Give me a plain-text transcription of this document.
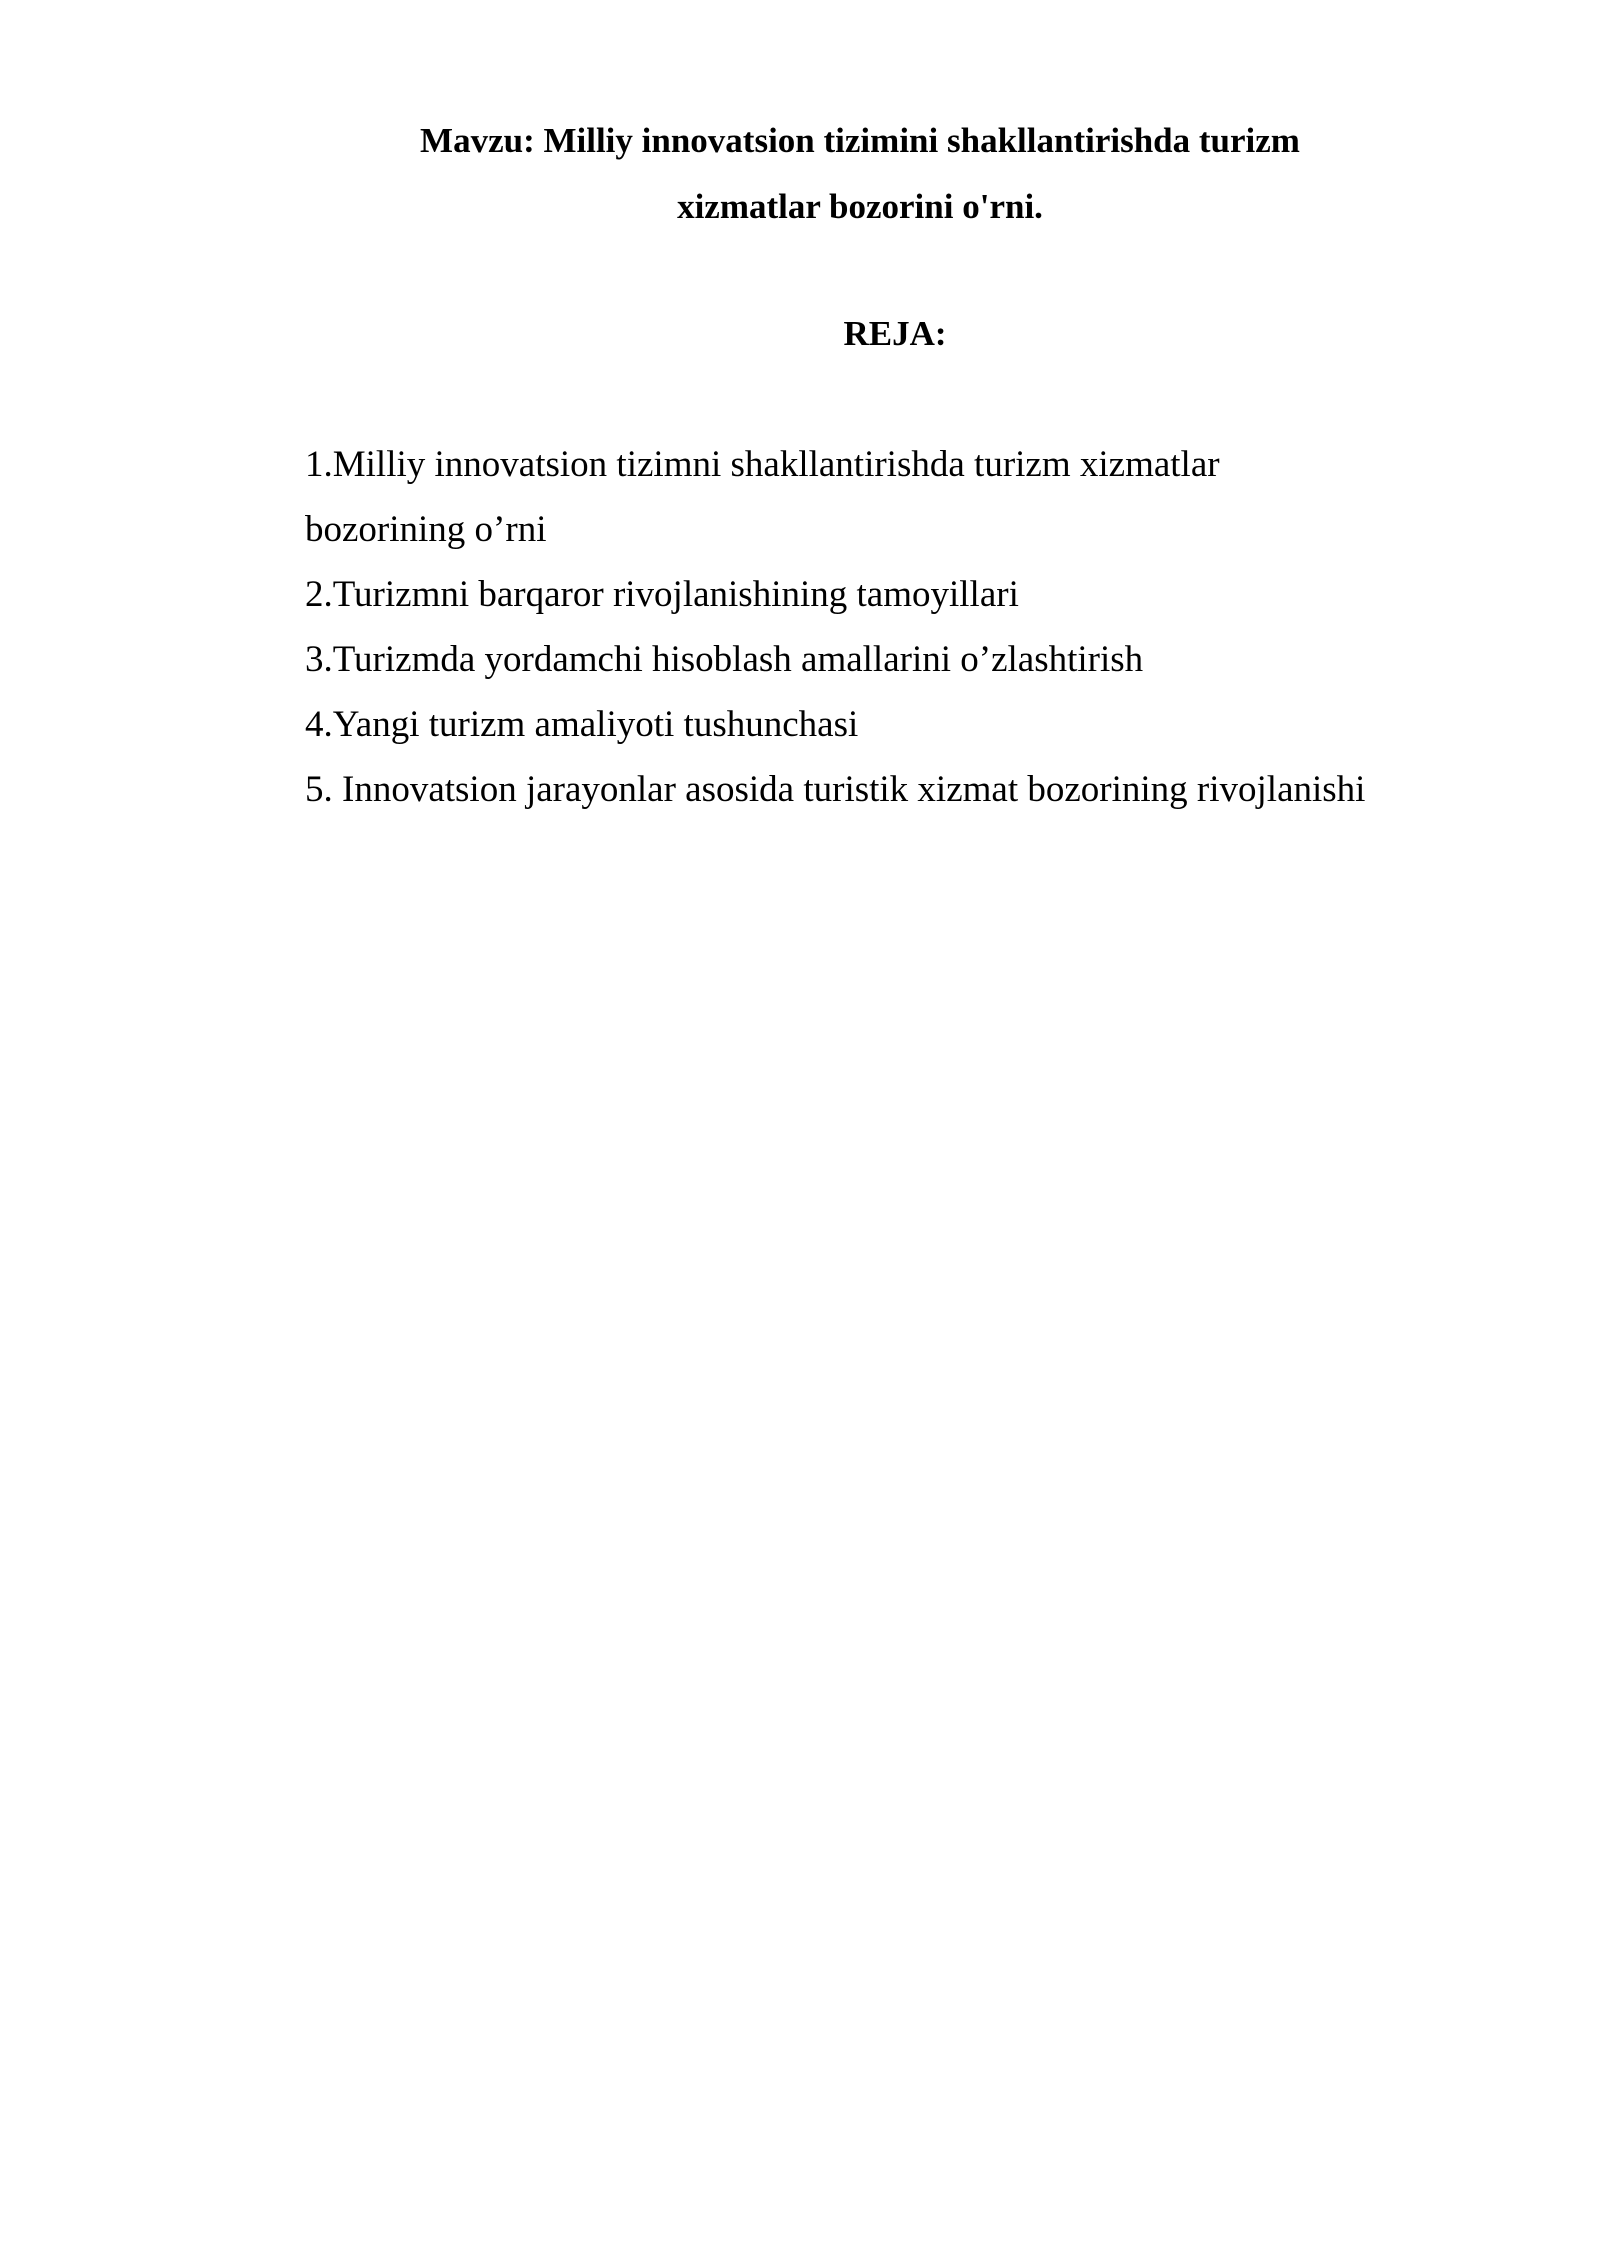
Mavzu: Milliy innovatsion tizimini shakllantirishda turizm
xizmatlar bozorini o'rni.
REJA:
1.Milliy innovatsion tizimni shakllantirishda turizm xizmatlar
bozorining o’rni
2.Turizmni barqaror rivojlanishining tamoyillari
3.Turizmda yordamchi hisoblash amallarini o’zlashtirish
4.Yangi turizm amaliyoti tushunchasi
5. Innovatsion jarayonlar asosida turistik xizmat bozorining rivojlanishi
